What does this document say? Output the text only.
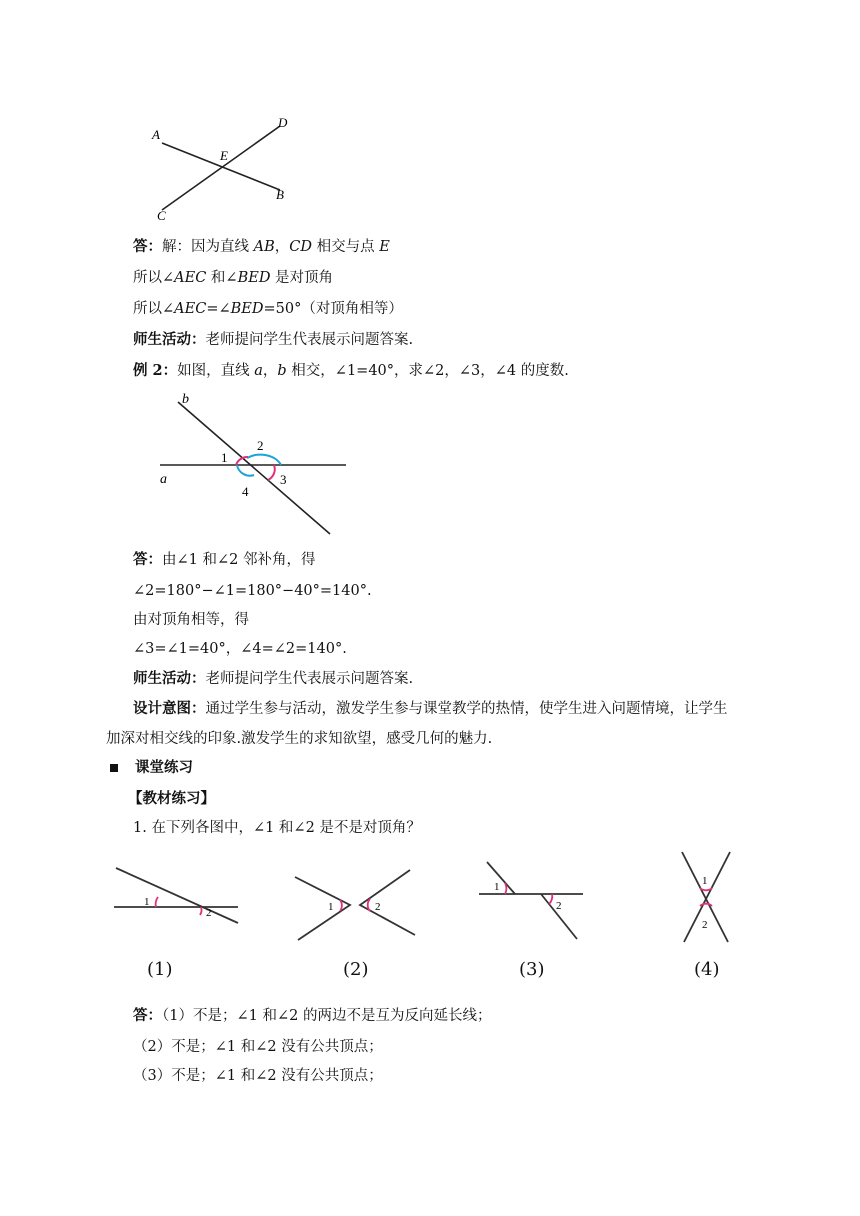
A
D
E
B
C
答：解：因为直线 AB，CD 相交与点 E
所以∠AEC 和∠BED 是对顶角
所以∠AEC=∠BED=50°（对顶角相等）
师生活动：老师提问学生代表展示问题答案.
例 2：如图，直线 a，b 相交，∠1=40°，求∠2，∠3，∠4 的度数.
b
a
1
2
3
4
答：由∠1 和∠2 邻补角，得
∠2=180°−∠1=180°−40°=140°.
由对顶角相等，得
∠3=∠1=40°，∠4=∠2=140°.
师生活动：老师提问学生代表展示问题答案.
设计意图：通过学生参与活动，激发学生参与课堂教学的热情，使学生进入问题情境，让学生
加深对相交线的印象.激发学生的求知欲望，感受几何的魅力.
课堂练习
【教材练习】
1. 在下列各图中，∠1 和∠2 是不是对顶角？
1
2
(1)
1	2
(2)
1
2
(3)
1
2
(4)
答：（1）不是；∠1 和∠2 的两边不是互为反向延长线；
（2）不是；∠1 和∠2 没有公共顶点；
（3）不是；∠1 和∠2 没有公共顶点；
